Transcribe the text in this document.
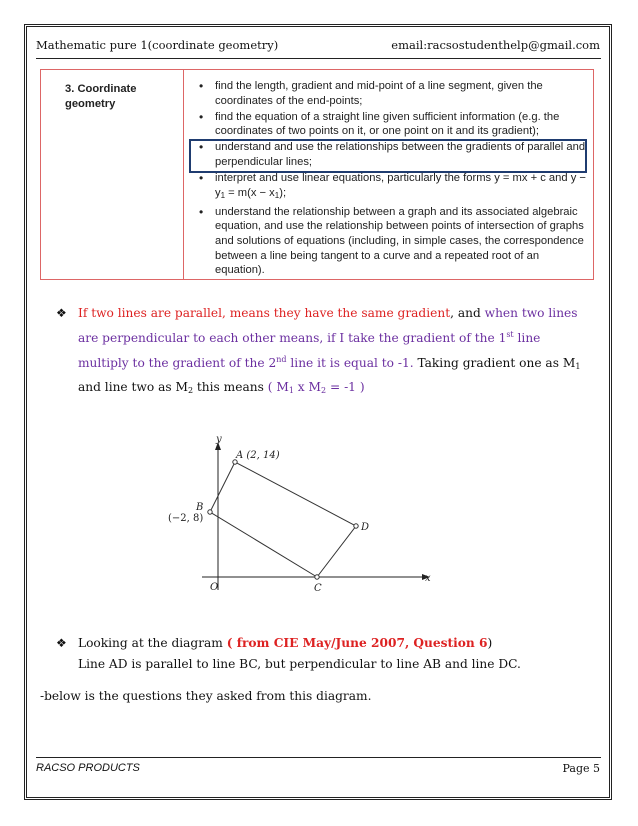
Mathematic pure 1(coordinate geometry)	email:racsostudenthelp@gmail.com
3. Coordinate geometry
• find the length, gradient and mid-point of a line segment, given the coordinates of the end-points;
• find the equation of a straight line given sufficient information (e.g. the coordinates of two points on it, or one point on it and its gradient);
• understand and use the relationships between the gradients of parallel and perpendicular lines;
• interpret and use linear equations, particularly the forms y = mx + c and $y - y_1 = m(x - x_1)$;
• understand the relationship between a graph and its associated algebraic equation, and use the relationship between points of intersection of graphs and solutions of equations (including, in simple cases, the correspondence between a line being tangent to a curve and a repeated root of an equation).
❖ If two lines are parallel, means they have the same gradient, and when two lines are perpendicular to each other means, if I take the gradient of the 1st line multiply to the gradient of the 2nd line it is equal to -1. Taking gradient one as M1 and line two as M2 this means ( M1 x M2 = -1 )
y
x
O
A (2, 14)
B
(−2, 8)
C
D
❖ Looking at the diagram ( from CIE May/June 2007, Question 6)
Line AD is parallel to line BC, but perpendicular to line AB and line DC.
-below is the questions they asked from this diagram.
RACSO PRODUCTS	Page 5
